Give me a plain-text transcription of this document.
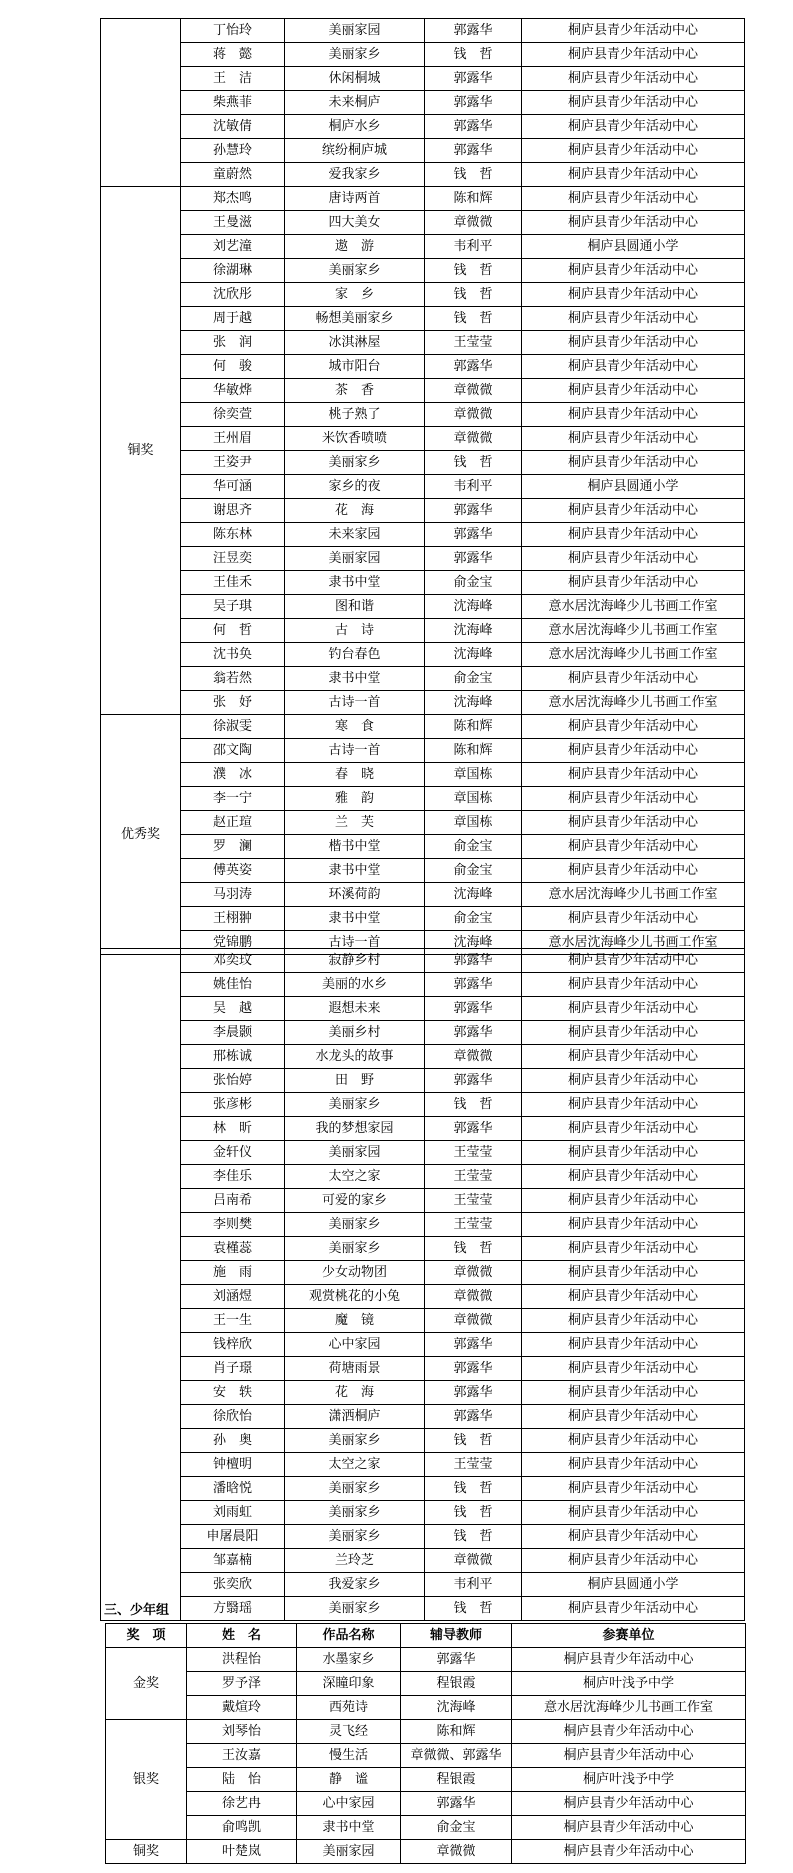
	丁怡玲	美丽家园	郭露华	桐庐县青少年活动中心
	蒋　懿	美丽家乡	钱　哲	桐庐县青少年活动中心
	王　洁	休闲桐城	郭露华	桐庐县青少年活动中心
	柴燕菲	未来桐庐	郭露华	桐庐县青少年活动中心
	沈敏倩	桐庐水乡	郭露华	桐庐县青少年活动中心
	孙慧玲	缤纷桐庐城	郭露华	桐庐县青少年活动中心
	童蔚然	爱我家乡	钱　哲	桐庐县青少年活动中心
铜奖	郑杰鸣	唐诗两首	陈和辉	桐庐县青少年活动中心
	王曼滋	四大美女	章微微	桐庐县青少年活动中心
	刘艺潼	遨　游	韦利平	桐庐县圆通小学
	徐湖琳	美丽家乡	钱　哲	桐庐县青少年活动中心
	沈欣彤	家　乡	钱　哲	桐庐县青少年活动中心
	周于越	畅想美丽家乡	钱　哲	桐庐县青少年活动中心
	张　润	冰淇淋屋	王莹莹	桐庐县青少年活动中心
	何　骏	城市阳台	郭露华	桐庐县青少年活动中心
	华敏烨	茶　香	章微微	桐庐县青少年活动中心
	徐奕萱	桃子熟了	章微微	桐庐县青少年活动中心
	王州眉	米饮香喷喷	章微微	桐庐县青少年活动中心
	王姿尹	美丽家乡	钱　哲	桐庐县青少年活动中心
	华可涵	家乡的夜	韦利平	桐庐县圆通小学
	谢思齐	花　海	郭露华	桐庐县青少年活动中心
	陈东林	未来家园	郭露华	桐庐县青少年活动中心
	汪昱奕	美丽家园	郭露华	桐庐县青少年活动中心
	王佳禾	隶书中堂	俞金宝	桐庐县青少年活动中心
	吴子琪	图和谐	沈海峰	意水居沈海峰少儿书画工作室
	何　哲	古　诗	沈海峰	意水居沈海峰少儿书画工作室
	沈书奂	钓台春色	沈海峰	意水居沈海峰少儿书画工作室
	翁若然	隶书中堂	俞金宝	桐庐县青少年活动中心
	张　妤	古诗一首	沈海峰	意水居沈海峰少儿书画工作室
优秀奖	徐淑雯	寒　食	陈和辉	桐庐县青少年活动中心
	邵文陶	古诗一首	陈和辉	桐庐县青少年活动中心
	濮　冰	春　晓	章国栋	桐庐县青少年活动中心
	李一宁	雅　韵	章国栋	桐庐县青少年活动中心
	赵正瑄	兰　芙	章国栋	桐庐县青少年活动中心
	罗　澜	楷书中堂	俞金宝	桐庐县青少年活动中心
	傅英姿	隶书中堂	俞金宝	桐庐县青少年活动中心
	马羽涛	环溪荷韵	沈海峰	意水居沈海峰少儿书画工作室
	王栩翀	隶书中堂	俞金宝	桐庐县青少年活动中心
	党锦鹏	古诗一首	沈海峰	意水居沈海峰少儿书画工作室
	邓奕玟	寂静乡村	郭露华	桐庐县青少年活动中心
	姚佳怡	美丽的水乡	郭露华	桐庐县青少年活动中心
	吴　越	遐想未来	郭露华	桐庐县青少年活动中心
	李晨颢	美丽乡村	郭露华	桐庐县青少年活动中心
	邢栋诚	水龙头的故事	章微微	桐庐县青少年活动中心
	张怡婷	田　野	郭露华	桐庐县青少年活动中心
	张彦彬	美丽家乡	钱　哲	桐庐县青少年活动中心
	林　昕	我的梦想家园	郭露华	桐庐县青少年活动中心
	金轩仪	美丽家园	王莹莹	桐庐县青少年活动中心
	李佳乐	太空之家	王莹莹	桐庐县青少年活动中心
	吕南希	可爱的家乡	王莹莹	桐庐县青少年活动中心
	李则樊	美丽家乡	王莹莹	桐庐县青少年活动中心
	袁槿蕊	美丽家乡	钱　哲	桐庐县青少年活动中心
	施　雨	少女动物团	章微微	桐庐县青少年活动中心
	刘涵煜	观赏桃花的小兔	章微微	桐庐县青少年活动中心
	王一生	魔　镜	章微微	桐庐县青少年活动中心
	钱梓欣	心中家园	郭露华	桐庐县青少年活动中心
	肖子璟	荷塘雨景	郭露华	桐庐县青少年活动中心
	安　轶	花　海	郭露华	桐庐县青少年活动中心
	徐欣怡	潇洒桐庐	郭露华	桐庐县青少年活动中心
	孙　奥	美丽家乡	钱　哲	桐庐县青少年活动中心
	钟檀明	太空之家	王莹莹	桐庐县青少年活动中心
	潘晗悦	美丽家乡	钱　哲	桐庐县青少年活动中心
	刘雨虹	美丽家乡	钱　哲	桐庐县青少年活动中心
	申屠晨阳	美丽家乡	钱　哲	桐庐县青少年活动中心
	邹嘉楠	兰玲芝	章微微	桐庐县青少年活动中心
	张奕欣	我爱家乡	韦利平	桐庐县圆通小学
	方翳瑶	美丽家乡	钱　哲	桐庐县青少年活动中心
三、少年组
奖　项	姓　名	作品名称	辅导教师	参赛单位
金奖	洪程怡	水墨家乡	郭露华	桐庐县青少年活动中心
	罗予泽	深瞳印象	程银霞	桐庐叶浅予中学
	戴煊玲	西苑诗	沈海峰	意水居沈海峰少儿书画工作室
银奖	刘琴怡	灵飞经	陈和辉	桐庐县青少年活动中心
	王汝嘉	慢生活	章微微、郭露华	桐庐县青少年活动中心
	陆　怡	静　谧	程银霞	桐庐叶浅予中学
	徐艺冉	心中家园	郭露华	桐庐县青少年活动中心
	俞鸣凯	隶书中堂	俞金宝	桐庐县青少年活动中心
铜奖	叶楚岚	美丽家园	章微微	桐庐县青少年活动中心
